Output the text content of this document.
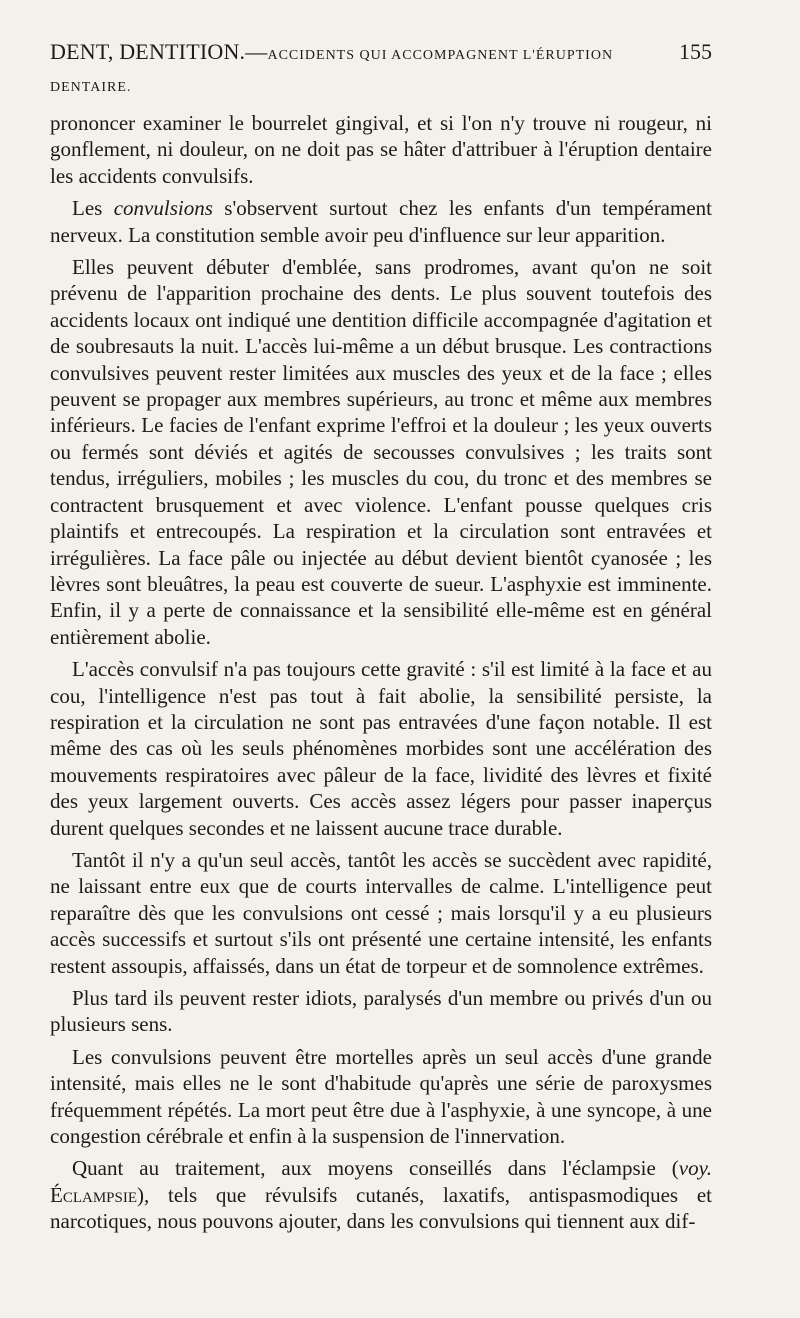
DENT, DENTITION.—ACCIDENTS QUI ACCOMPAGNENT L'ÉRUPTION DENTAIRE.
155

prononcer examiner le bourrelet gingival, et si l'on n'y trouve ni rougeur, ni gonflement, ni douleur, on ne doit pas se hâter d'attribuer à l'éruption dentaire les accidents convulsifs.

Les convulsions s'observent surtout chez les enfants d'un tempérament nerveux. La constitution semble avoir peu d'influence sur leur apparition.

Elles peuvent débuter d'emblée, sans prodromes, avant qu'on ne soit prévenu de l'apparition prochaine des dents. Le plus souvent toutefois des accidents locaux ont indiqué une dentition difficile accompagnée d'agitation et de soubresauts la nuit. L'accès lui-même a un début brusque. Les contractions convulsives peuvent rester limitées aux muscles des yeux et de la face ; elles peuvent se propager aux membres supérieurs, au tronc et même aux membres inférieurs. Le facies de l'enfant exprime l'effroi et la douleur ; les yeux ouverts ou fermés sont déviés et agités de secousses convulsives ; les traits sont tendus, irréguliers, mobiles ; les muscles du cou, du tronc et des membres se contractent brusquement et avec violence. L'enfant pousse quelques cris plaintifs et entrecoupés. La respiration et la circulation sont entravées et irrégulières. La face pâle ou injectée au début devient bientôt cyanosée ; les lèvres sont bleuâtres, la peau est couverte de sueur. L'asphyxie est imminente. Enfin, il y a perte de connaissance et la sensibilité elle-même est en général entièrement abolie.

L'accès convulsif n'a pas toujours cette gravité : s'il est limité à la face et au cou, l'intelligence n'est pas tout à fait abolie, la sensibilité persiste, la respiration et la circulation ne sont pas entravées d'une façon notable. Il est même des cas où les seuls phénomènes morbides sont une accélération des mouvements respiratoires avec pâleur de la face, lividité des lèvres et fixité des yeux largement ouverts. Ces accès assez légers pour passer inaperçus durent quelques secondes et ne laissent aucune trace durable.

Tantôt il n'y a qu'un seul accès, tantôt les accès se succèdent avec rapidité, ne laissant entre eux que de courts intervalles de calme. L'intelligence peut reparaître dès que les convulsions ont cessé ; mais lorsqu'il y a eu plusieurs accès successifs et surtout s'ils ont présenté une certaine intensité, les enfants restent assoupis, affaissés, dans un état de torpeur et de somnolence extrêmes.

Plus tard ils peuvent rester idiots, paralysés d'un membre ou privés d'un ou plusieurs sens.

Les convulsions peuvent être mortelles après un seul accès d'une grande intensité, mais elles ne le sont d'habitude qu'après une série de paroxysmes fréquemment répétés. La mort peut être due à l'asphyxie, à une syncope, à une congestion cérébrale et enfin à la suspension de l'innervation.

Quant au traitement, aux moyens conseillés dans l'éclampsie (voy. Éclampsie), tels que révulsifs cutanés, laxatifs, antispasmodiques et narcotiques, nous pouvons ajouter, dans les convulsions qui tiennent aux dif-
